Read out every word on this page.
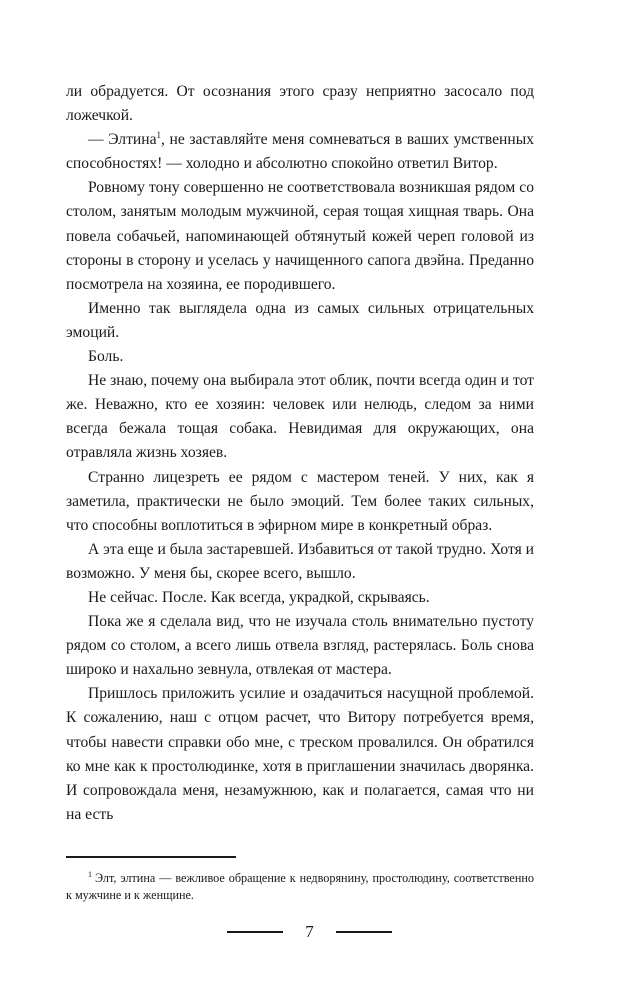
ли обрадуется. От осознания этого сразу неприятно засосало под ложечкой.

— Элтина$^1$, не заставляйте меня сомневаться в ваших умственных способностях! — холодно и абсолютно спокойно ответил Витор.

Ровному тону совершенно не соответствовала возникшая рядом со столом, занятым молодым мужчиной, серая тощая хищная тварь. Она повела собачьей, напоминающей обтянутый кожей череп головой из стороны в сторону и уселась у начищенного сапога двэйна. Преданно посмотрела на хозяина, ее породившего.

Именно так выглядела одна из самых сильных отрицательных эмоций.

Боль.

Не знаю, почему она выбирала этот облик, почти всегда один и тот же. Неважно, кто ее хозяин: человек или нелюдь, следом за ними всегда бежала тощая собака. Невидимая для окружающих, она отравляла жизнь хозяев.

Странно лицезреть ее рядом с мастером теней. У них, как я заметила, практически не было эмоций. Тем более таких сильных, что способны воплотиться в эфирном мире в конкретный образ.

А эта еще и была застаревшей. Избавиться от такой трудно. Хотя и возможно. У меня бы, скорее всего, вышло.

Не сейчас. После. Как всегда, украдкой, скрываясь.

Пока же я сделала вид, что не изучала столь внимательно пустоту рядом со столом, а всего лишь отвела взгляд, растерялась. Боль снова широко и нахально зевнула, отвлекая от мастера.

Пришлось приложить усилие и озадачиться насущной проблемой. К сожалению, наш с отцом расчет, что Витору потребуется время, чтобы навести справки обо мне, с треском провалился. Он обратился ко мне как к простолюдинке, хотя в приглашении значилась дворянка. И сопровождала меня, незамужнюю, как и полагается, самая что ни на есть

$^1$ Элт, элтина — вежливое обращение к недворянину, простолюдину, соответственно к мужчине и к женщине.
7
